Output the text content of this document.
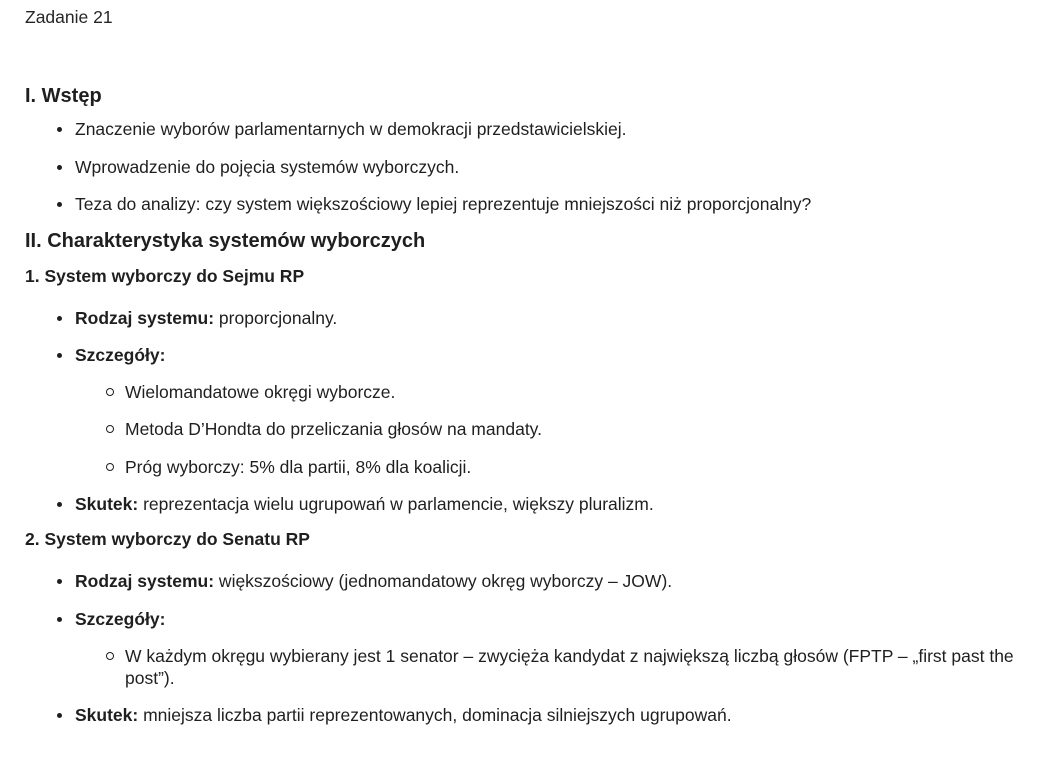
Zadanie 21

I. Wstęp
Znaczenie wyborów parlamentarnych w demokracji przedstawicielskiej.
Wprowadzenie do pojęcia systemów wyborczych.
Teza do analizy: czy system większościowy lepiej reprezentuje mniejszości niż proporcjonalny?
II. Charakterystyka systemów wyborczych
1. System wyborczy do Sejmu RP
Rodzaj systemu: proporcjonalny.
Szczegóły:
Wielomandatowe okręgi wyborcze.
Metoda D’Hondta do przeliczania głosów na mandaty.
Próg wyborczy: 5% dla partii, 8% dla koalicji.
Skutek: reprezentacja wielu ugrupowań w parlamencie, większy pluralizm.
2. System wyborczy do Senatu RP
Rodzaj systemu: większościowy (jednomandatowy okręg wyborczy – JOW).
Szczegóły:
W każdym okręgu wybierany jest 1 senator – zwycięża kandydat z największą liczbą głosów (FPTP – „first past the post”).
Skutek: mniejsza liczba partii reprezentowanych, dominacja silniejszych ugrupowań.
